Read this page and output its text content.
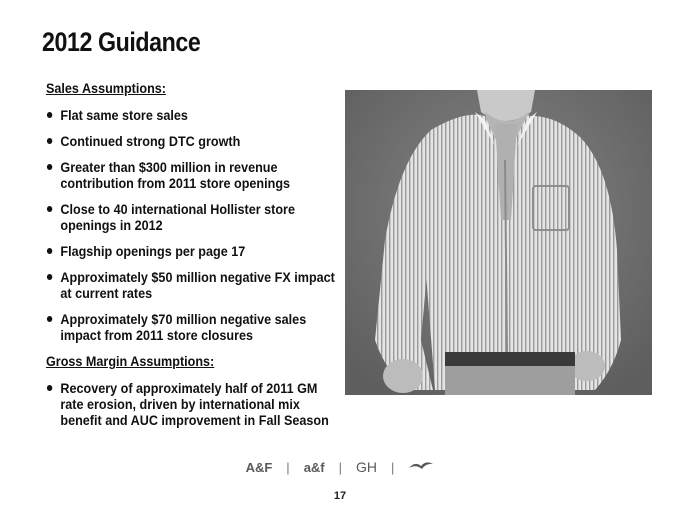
2012 Guidance
Sales Assumptions:
Flat same store sales
Continued strong DTC growth
Greater than $300 million in revenue contribution from 2011 store openings
Close to 40 international Hollister store openings in 2012
Flagship openings per page 17
Approximately $50 million negative FX impact at current rates
Approximately $70 million negative sales impact from 2011 store closures
Gross Margin Assumptions:
Recovery of approximately half of 2011 GM rate erosion, driven by international mix benefit and AUC improvement in Fall Season
A&F	|	a&f	|	GH	|
17
